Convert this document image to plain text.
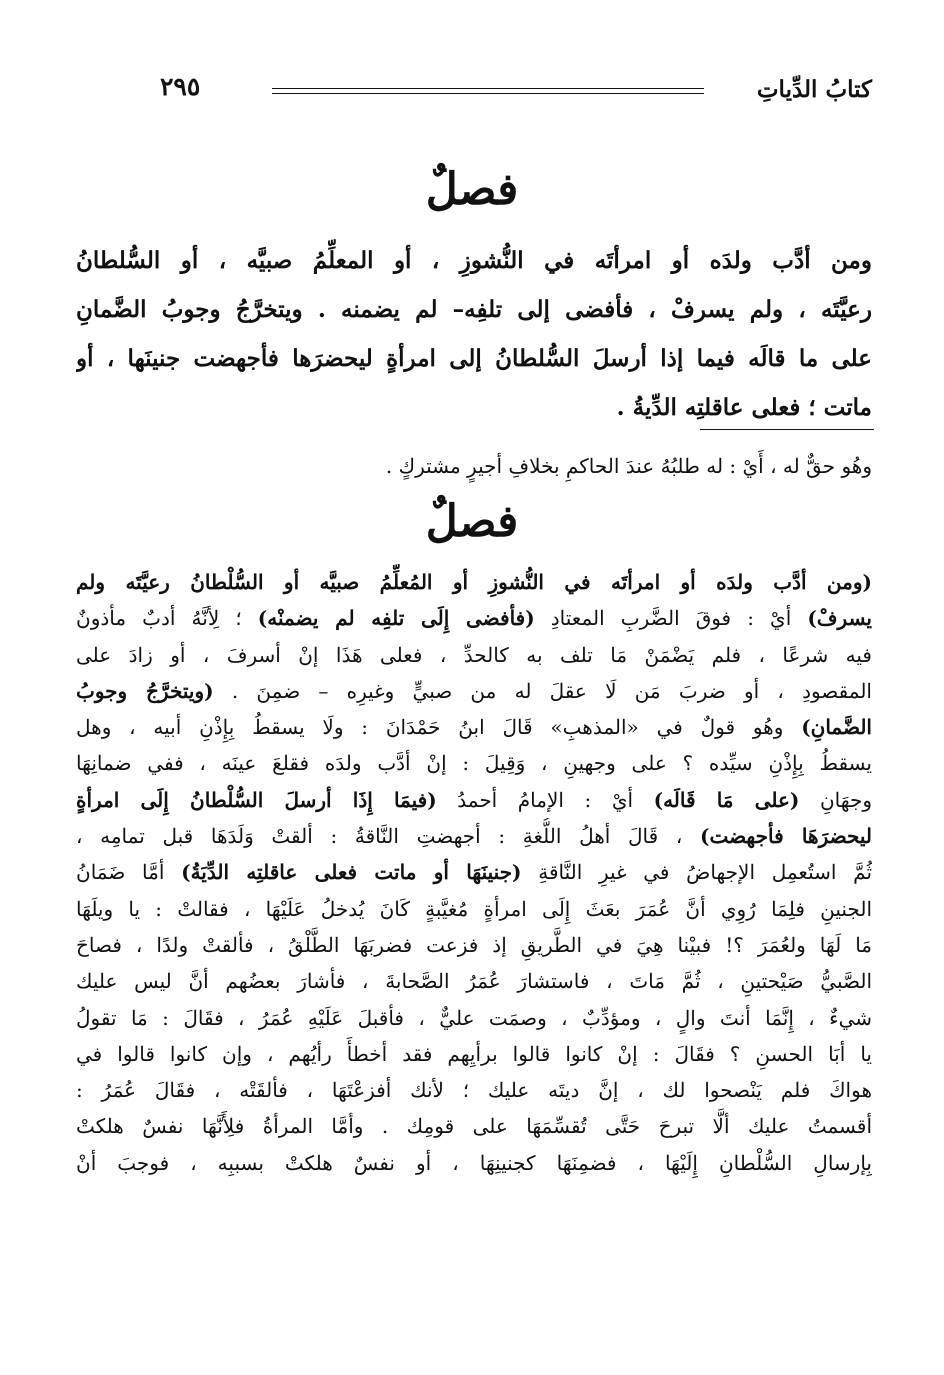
كتابُ الدِّياتِ
٢٩٥
فصلٌ
ومن أدَّب ولدَه أو امرأتَه في النُّشوزِ ، أو المعلِّمُ صبيَّه ، أو السُّلطانُ
رعيَّتَه ، ولم يسرفْ ، فأفضى إلى تلفِه– لم يضمنه . ويتخرَّجُ وجوبُ الضَّمانِ
على ما قالَه فيما إذا أرسلَ السُّلطانُ إلى امرأةٍ ليحضرَها فأجهضت جنينَها ، أو
ماتت ؛ فعلى عاقلتِه الدِّيةُ .
وهُو حقٌّ له ، أَيْ : له طلبُهُ عندَ الحاكمِ بخلافِ أجيرٍ مشتركٍ .
فصلٌ
(ومن أدَّب ولدَه أو امرأتَه في النُّشوزِ أو المُعلِّمُ صبيَّه أو السُّلْطانُ رعيَّتَه ولم
يسرفْ) أيْ : فوقَ الضَّربِ المعتادِ (فأفضى إِلَى تلفِه لم يضمنْه) ؛ لِأنَّهُ أدبٌ مأذونٌ
فيه شرعًا ، فلم يَضْمَنْ مَا تلف به كالحدِّ ، فعلى هَذَا إنْ أسرفَ ، أو زادَ على
المقصودِ ، أو ضربَ مَن لَا عقلَ له من صبيٍّ وغيرِه – ضمِنَ . (ويتخرَّجُ وجوبُ
الضَّمانِ) وهُو قولٌ في «المذهبِ» قَالَ ابنُ حَمْدَانَ : ولَا يسقطُ بِإِذْنِ أبيه ، وهل
يسقطُ بِإِذْنِ سيِّده ؟ على وجهينِ ، وَقِيلَ : إنْ أدَّب ولدَه فقلعَ عينَه ، ففي ضمانِهَا
وجهَانِ (على مَا قَالَه) أيْ : الإمامُ أحمدُ (فيمَا إِذَا أرسلَ السُّلْطانُ إِلَى امرأةٍ
ليحضرَهَا فأجهضت) ، قَالَ أهلُ اللُّغةِ : أجهضتِ النَّاقةُ : ألقتْ وَلَدَهَا قبل تمامِه ،
ثُمَّ استُعمِل الإجهاضُ في غيرِ النَّاقةِ (جنينَهَا أو ماتت فعلى عاقلتِه الدِّيَةُ) أمَّا ضَمَانُ
الجنينِ فلِمَا رُوِي أنَّ عُمَرَ بعَثَ إِلَى امرأةٍ مُغيَّبةٍ كَانَ يُدخلُ عَلَيْهَا ، فقالتْ : يا ويلَهَا
مَا لَهَا ولعُمَرَ ؟! فبيْنا هِيَ في الطَّريقِ إذ فزعت فضربَهَا الطَّلْقُ ، فألقتْ ولدًا ، فصاحَ
الصَّبيُّ صَيْحتينِ ، ثُمَّ مَاتَ ، فاستشارَ عُمَرُ الصَّحابةَ ، فأشارَ بعضُهم أنَّ ليس عليك
شيءٌ ، إِنَّمَا أنتَ والٍ ، ومؤدِّبٌ ، وصمَت عليٌّ ، فأقبلَ عَلَيْهِ عُمَرُ ، فقَالَ : مَا تقولُ
يا أبَا الحسنِ ؟ فقَالَ : إنْ كانوا قالوا برأيِهم فقد أخطأَ رأيُهم ، وإن كانوا قالوا في
هواكَ فلم يَنْصحوا لك ، إنَّ ديتَه عليك ؛ لأنك أفزعْتَهَا ، فألقَتْه ، فقَالَ عُمَرُ :
أقسمتُ عليك ألَّا تبرحَ حَتَّى تُقسِّمَهَا على قومِك . وأمَّا المرأةُ فلِأَنَّهَا نفسٌ هلكتْ
بِإرسالِ السُّلْطانِ إِلَيْهَا ، فضمِنَهَا كجنينِهَا ، أو نفسٌ هلكتْ بسببِه ، فوجبَ أنْ
